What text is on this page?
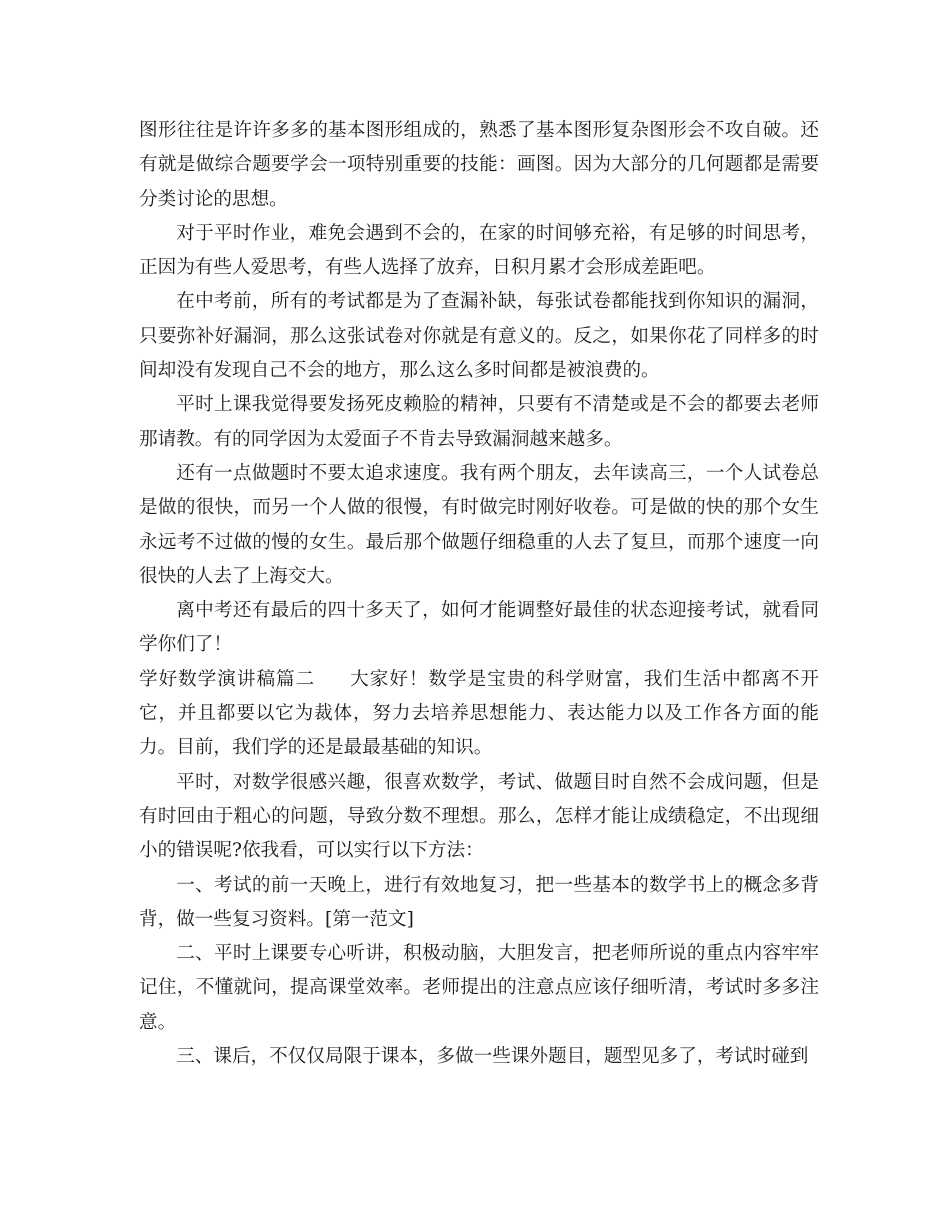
图形往往是许许多多的基本图形组成的，熟悉了基本图形复杂图形会不攻自破。还有就是做综合题要学会一项特别重要的技能：画图。因为大部分的几何题都是需要分类讨论的思想。

对于平时作业，难免会遇到不会的，在家的时间够充裕，有足够的时间思考，正因为有些人爱思考，有些人选择了放弃，日积月累才会形成差距吧。

在中考前，所有的考试都是为了查漏补缺，每张试卷都能找到你知识的漏洞，只要弥补好漏洞，那么这张试卷对你就是有意义的。反之，如果你花了同样多的时间却没有发现自己不会的地方，那么这么多时间都是被浪费的。

平时上课我觉得要发扬死皮赖脸的精神，只要有不清楚或是不会的都要去老师那请教。有的同学因为太爱面子不肯去导致漏洞越来越多。

还有一点做题时不要太追求速度。我有两个朋友，去年读高三，一个人试卷总是做的很快，而另一个人做的很慢，有时做完时刚好收卷。可是做的快的那个女生永远考不过做的慢的女生。最后那个做题仔细稳重的人去了复旦，而那个速度一向很快的人去了上海交大。

离中考还有最后的四十多天了，如何才能调整好最佳的状态迎接考试，就看同学你们了！

学好数学演讲稿篇二 大家好！数学是宝贵的科学财富，我们生活中都离不开它，并且都要以它为裁体，努力去培养思想能力、表达能力以及工作各方面的能力。目前，我们学的还是最最基础的知识。

平时，对数学很感兴趣，很喜欢数学，考试、做题目时自然不会成问题，但是有时回由于粗心的问题，导致分数不理想。那么，怎样才能让成绩稳定，不出现细小的错误呢?依我看，可以实行以下方法：

一、考试的前一天晚上，进行有效地复习，把一些基本的数学书上的概念多背背，做一些复习资料。[第一范文]

二、平时上课要专心听讲，积极动脑，大胆发言，把老师所说的重点内容牢牢记住，不懂就问，提高课堂效率。老师提出的注意点应该仔细听清，考试时多多注意。

三、课后，不仅仅局限于课本，多做一些课外题目，题型见多了，考试时碰到
